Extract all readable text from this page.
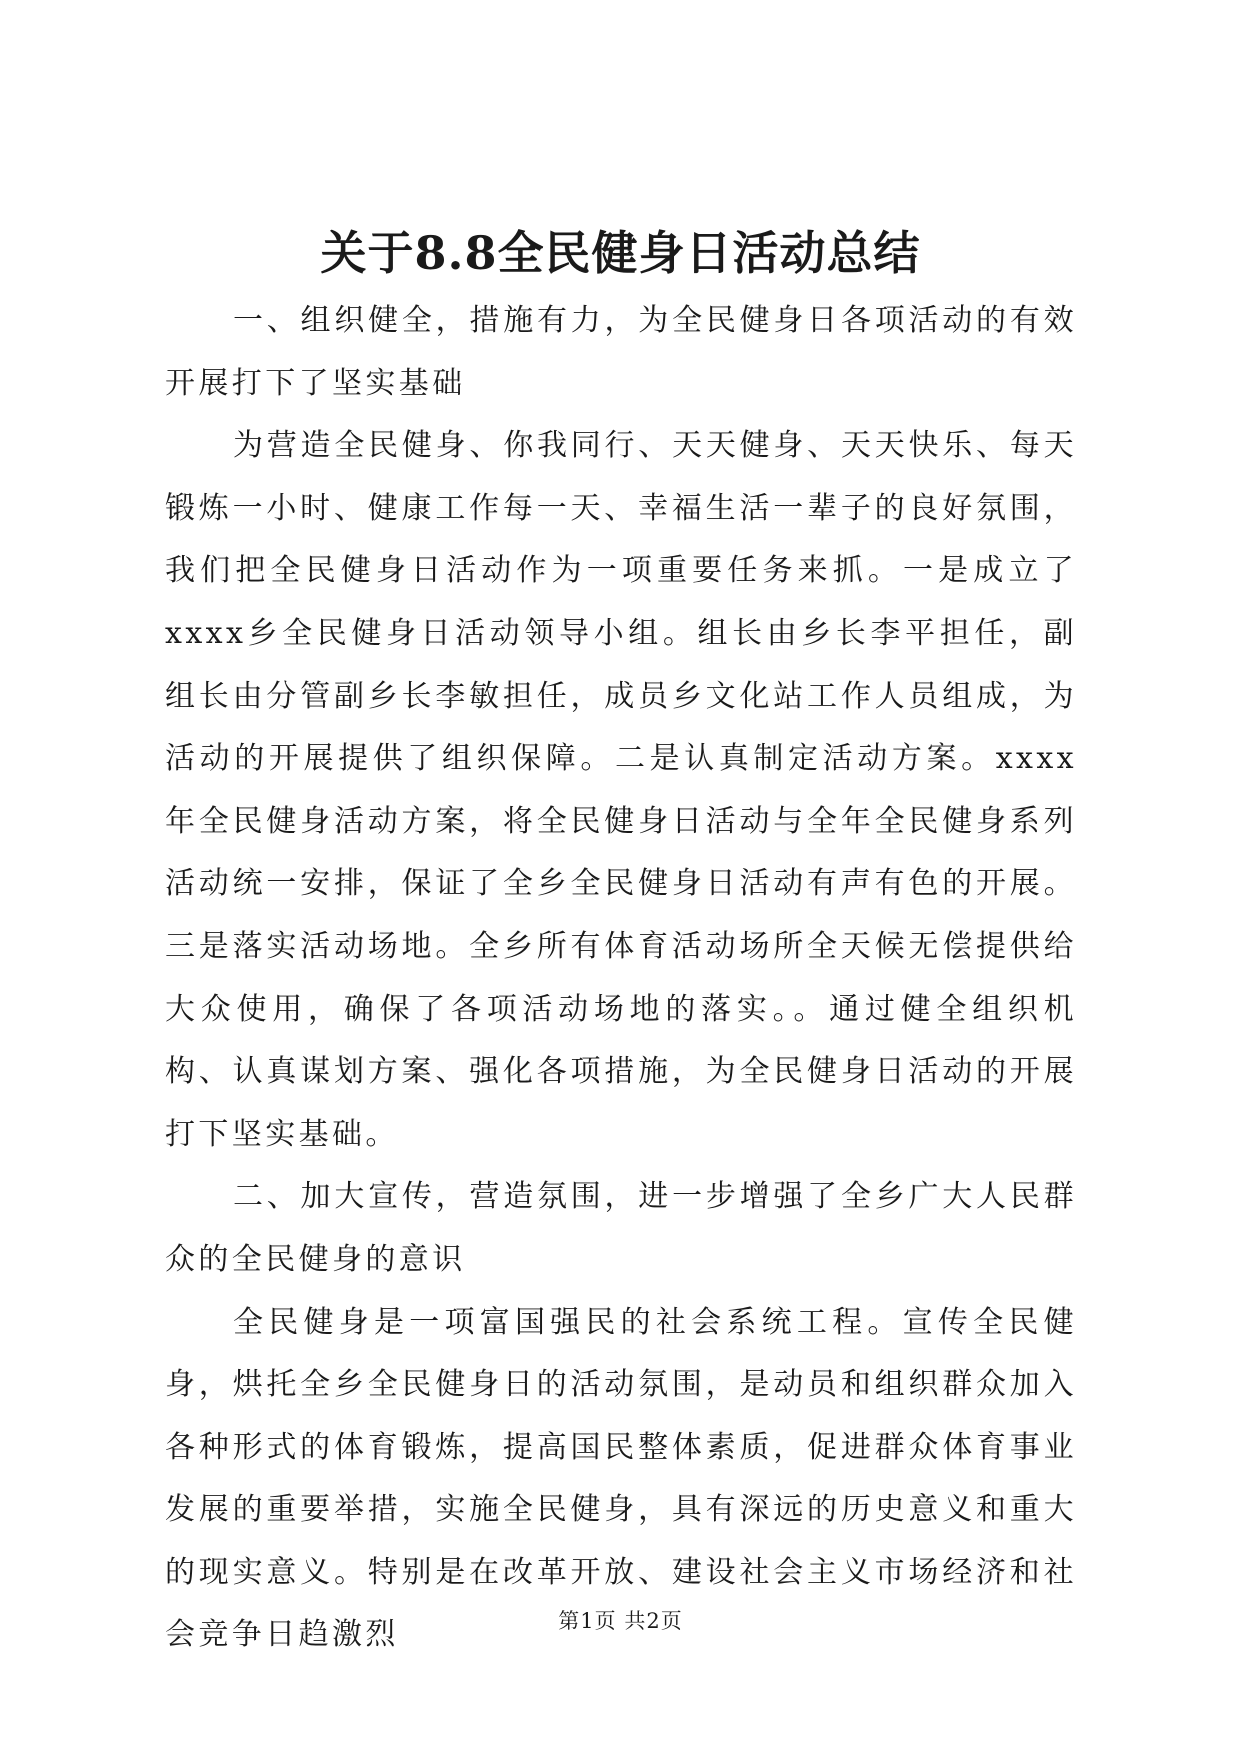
关于8.8全民健身日活动总结

一、组织健全，措施有力，为全民健身日各项活动的有效开展打下了坚实基础

为营造全民健身、你我同行、天天健身、天天快乐、每天锻炼一小时、健康工作每一天、幸福生活一辈子的良好氛围，我们把全民健身日活动作为一项重要任务来抓。一是成立了xxxx乡全民健身日活动领导小组。组长由乡长李平担任，副组长由分管副乡长李敏担任，成员乡文化站工作人员组成，为活动的开展提供了组织保障。二是认真制定活动方案。xxxx年全民健身活动方案，将全民健身日活动与全年全民健身系列活动统一安排，保证了全乡全民健身日活动有声有色的开展。三是落实活动场地。全乡所有体育活动场所全天候无偿提供给大众使用，确保了各项活动场地的落实。。通过健全组织机构、认真谋划方案、强化各项措施，为全民健身日活动的开展打下坚实基础。

二、加大宣传，营造氛围，进一步增强了全乡广大人民群众的全民健身的意识

全民健身是一项富国强民的社会系统工程。宣传全民健身，烘托全乡全民健身日的活动氛围，是动员和组织群众加入各种形式的体育锻炼，提高国民整体素质，促进群众体育事业发展的重要举措，实施全民健身，具有深远的历史意义和重大的现实意义。特别是在改革开放、建设社会主义市场经济和社会竞争日趋激烈	第1页 共2页
